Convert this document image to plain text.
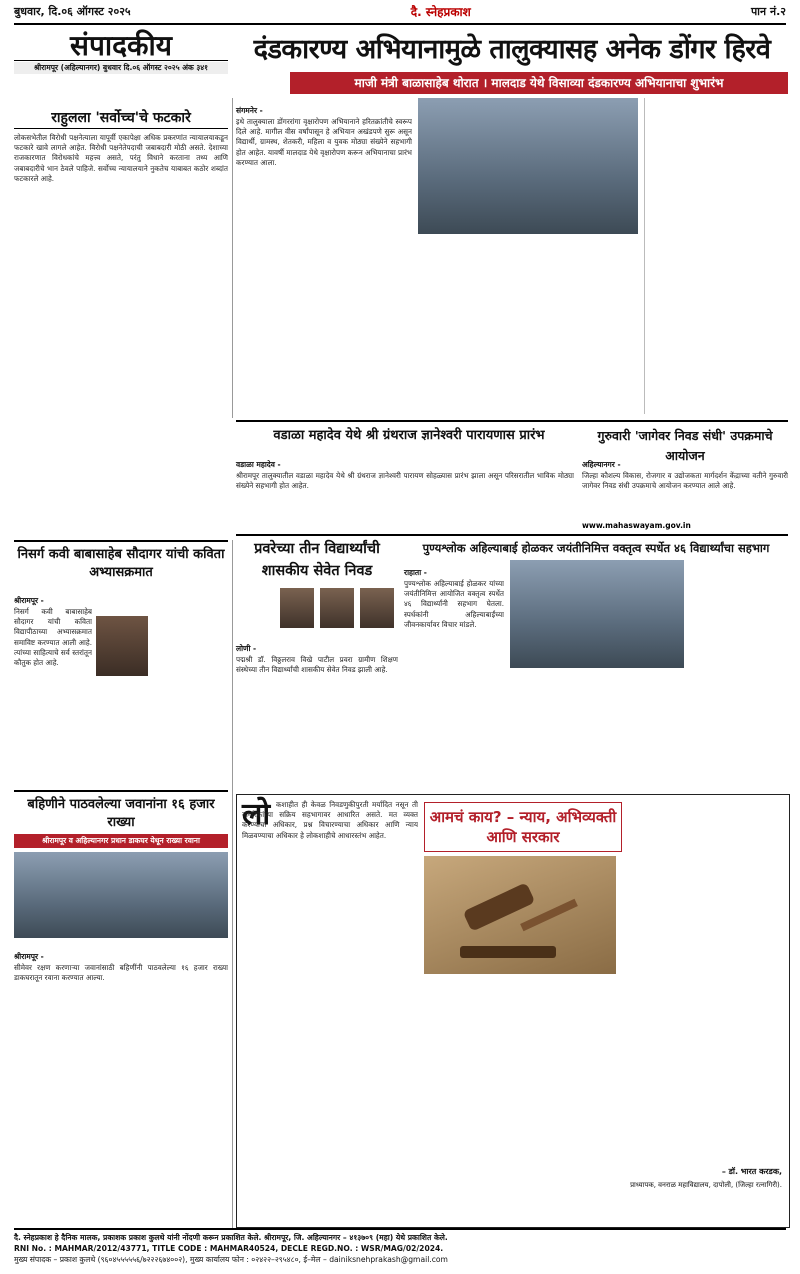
बुधवार, दि.०६ ऑगस्ट २०२५	दै. स्नेहप्रकाश	पान नं.२
संपादकीय
श्रीरामपूर (अहिल्यानगर) बुधवार दि.०६ ऑगस्ट २०२५ अंक ३४१
दंडकारण्य अभियानामुळे तालुक्यासह अनेक डोंगर हिरवे
माजी मंत्री बाळासाहेब थोरात । मालदाड येथे विसाव्या दंडकारण्य अभियानाचा शुभारंभ
राहुलला 'सर्वोच्च'चे फटकारे
लोकसभेतील विरोधी पक्षनेत्याला यापूर्वी एकापेक्षा अधिक प्रकरणांत न्यायालयाकडून फटकारे खावे लागले आहेत. विरोधी पक्षनेतेपदाची जबाबदारी मोठी असते. देशाच्या राजकारणात विरोधकांचे महत्त्व असते, परंतु विधाने करताना तथ्य आणि जबाबदारीचे भान ठेवले पाहिजे. सर्वोच्च न्यायालयाने नुकतेच याबाबत कठोर शब्दांत फटकारले आहे.
संगमनेर -
इथे तालुक्याला डोंगररांगा वृक्षारोपण अभियानाने हरितक्रांतीचे स्वरूप दिले आहे. मागील वीस वर्षांपासून हे अभियान अखंडपणे सुरू असून विद्यार्थी, ग्रामस्थ, शेतकरी, महिला व युवक मोठ्या संख्येने सहभागी होत आहेत. यावर्षी मालदाड येथे वृक्षारोपण करून अभियानाचा प्रारंभ करण्यात आला.
वडाळा महादेव येथे श्री ग्रंथराज ज्ञानेश्वरी पारायणास प्रारंभ	गुरुवारी 'जागेवर निवड संधी' उपक्रमाचे आयोजन
वडाळा महादेव -
श्रीरामपूर तालुक्यातील वडाळा महादेव येथे श्री ग्रंथराज ज्ञानेश्वरी पारायण सोहळ्यास प्रारंभ झाला असून परिसरातील भाविक मोठ्या संख्येने सहभागी होत आहेत.
अहिल्यानगर -
जिल्हा कौशल्य विकास, रोजगार व उद्योजकता मार्गदर्शन केंद्राच्या वतीने गुरुवारी जागेवर निवड संधी उपक्रमाचे आयोजन करण्यात आले आहे.
www.mahaswayam.gov.in
निसर्ग कवी बाबासाहेब सौदागर यांची कविता अभ्यासक्रमात
श्रीरामपूर -
निसर्ग कवी बाबासाहेब सौदागर यांची कविता विद्यापीठाच्या अभ्यासक्रमात समाविष्ट करण्यात आली आहे. त्यांच्या साहित्याचे सर्व स्तरांतून कौतुक होत आहे.
बहिणीने पाठवलेल्या जवानांना १६ हजार राख्या
श्रीरामपूर व अहिल्यानगर प्रधान डाकघर येथून राख्या रवाना
श्रीरामपूर -
सीमेवर रक्षण करणाऱ्या जवानांसाठी बहिणींनी पाठवलेल्या १६ हजार राख्या डाकघरातून रवाना करण्यात आल्या.
प्रवरेच्या तीन विद्यार्थ्यांची शासकीय सेवेत निवड
लोणी -
पद्मश्री डॉ. विठ्ठलराव विखे पाटील प्रवरा ग्रामीण शिक्षण संस्थेच्या तीन विद्यार्थ्यांची शासकीय सेवेत निवड झाली आहे.
पुण्यश्लोक अहिल्याबाई होळकर जयंतीनिमित्त वक्तृत्व स्पर्धेत ४६ विद्यार्थ्यांचा सहभाग
राहाता -
पुण्यश्लोक अहिल्याबाई होळकर यांच्या जयंतीनिमित्त आयोजित वक्तृत्व स्पर्धेत ४६ विद्यार्थ्यांनी सहभाग घेतला. स्पर्धकांनी अहिल्याबाईंच्या जीवनकार्यावर विचार मांडले.
लो कशाहीत ही केवळ निवडणुकीपुरती मर्यादित नसून ती नागरिकांच्या सक्रिय सहभागावर आधारित असते. मत व्यक्त करण्याचा अधिकार, प्रश्न विचारण्याचा अधिकार आणि न्याय मिळवण्याचा अधिकार हे लोकशाहीचे आधारस्तंभ आहेत.
आमचं काय? – न्याय, अभिव्यक्ती आणि सरकार
– डॉ. भारत करडक,
प्राध्यापक, वनराळ महाविद्यालय, दापोली, (जिल्हा रत्नागिरी).
दै. स्नेहप्रकाश हे दैनिक मालक, प्रकाशक प्रकाश कुलथे यांनी नोंदणी करून प्रकाशित केले. श्रीरामपूर, जि. अहिल्यानगर – ४१३७०९ (महा) येथे प्रकाशित केले.
RNI No. : MAHMAR/2012/43771, TITLE CODE : MAHMAR40524, DECLE REGD.NO. : WSR/MAG/02/2024.
मुख्य संपादक – प्रकाश कुलथे (९६०४५५५५५६/७२२२६७४००२), मुख्य कार्यालय फोन : ०२४२२–२९५४८०, ई–मेल – dainiksnehprakash@gmail.com
